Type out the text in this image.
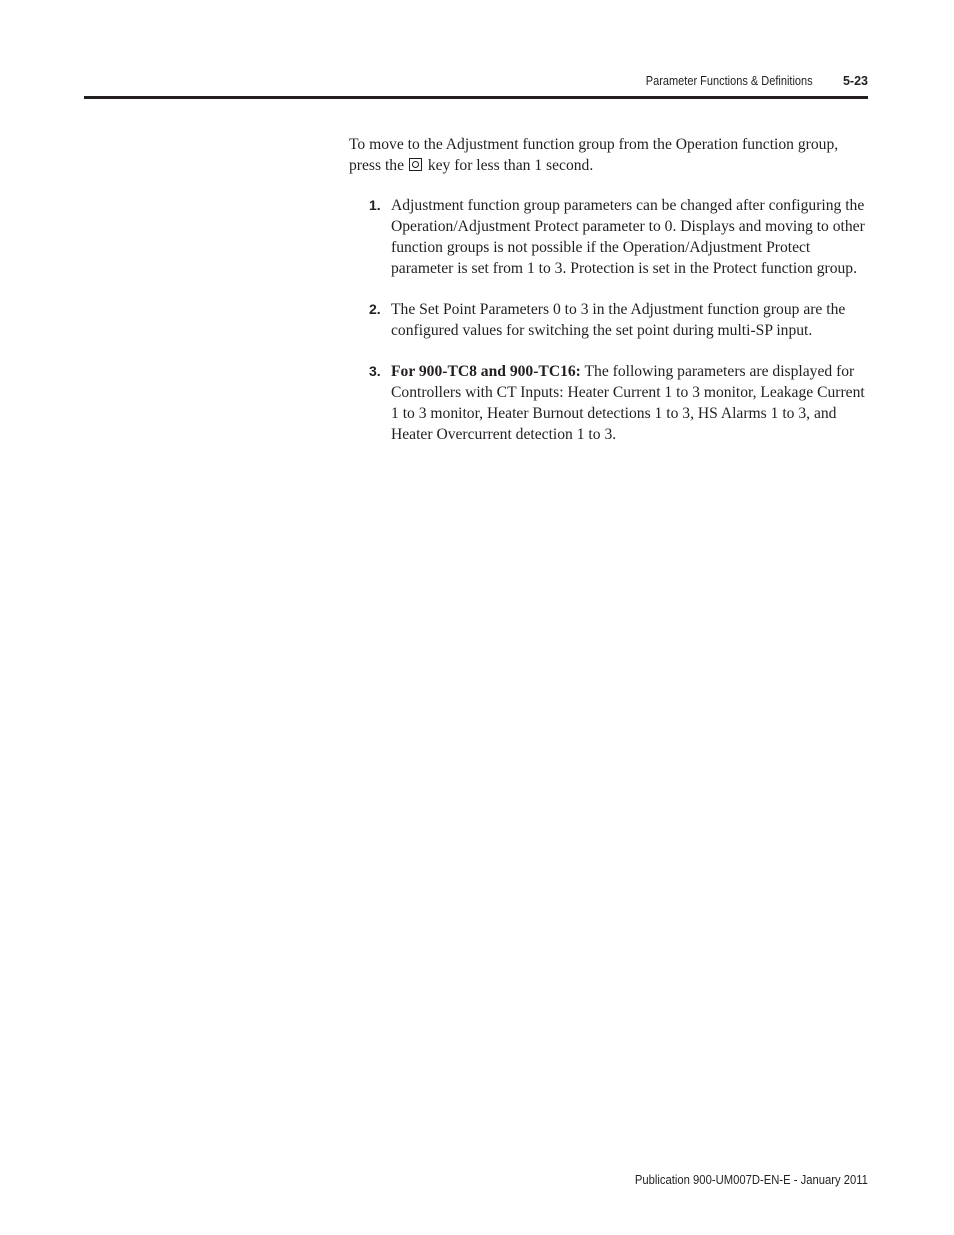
Parameter Functions & Definitions 5-23

To move to the Adjustment function group from the Operation function group, press the key for less than 1 second.

1. Adjustment function group parameters can be changed after configuring the Operation/Adjustment Protect parameter to 0. Displays and moving to other function groups is not possible if the Operation/Adjustment Protect parameter is set from 1 to 3. Protection is set in the Protect function group.
2. The Set Point Parameters 0 to 3 in the Adjustment function group are the configured values for switching the set point during multi-SP input.
3. For 900-TC8 and 900-TC16: The following parameters are displayed for Controllers with CT Inputs: Heater Current 1 to 3 monitor, Leakage Current 1 to 3 monitor, Heater Burnout detections 1 to 3, HS Alarms 1 to 3, and Heater Overcurrent detection 1 to 3.
Publication 900-UM007D-EN-E - January 2011
